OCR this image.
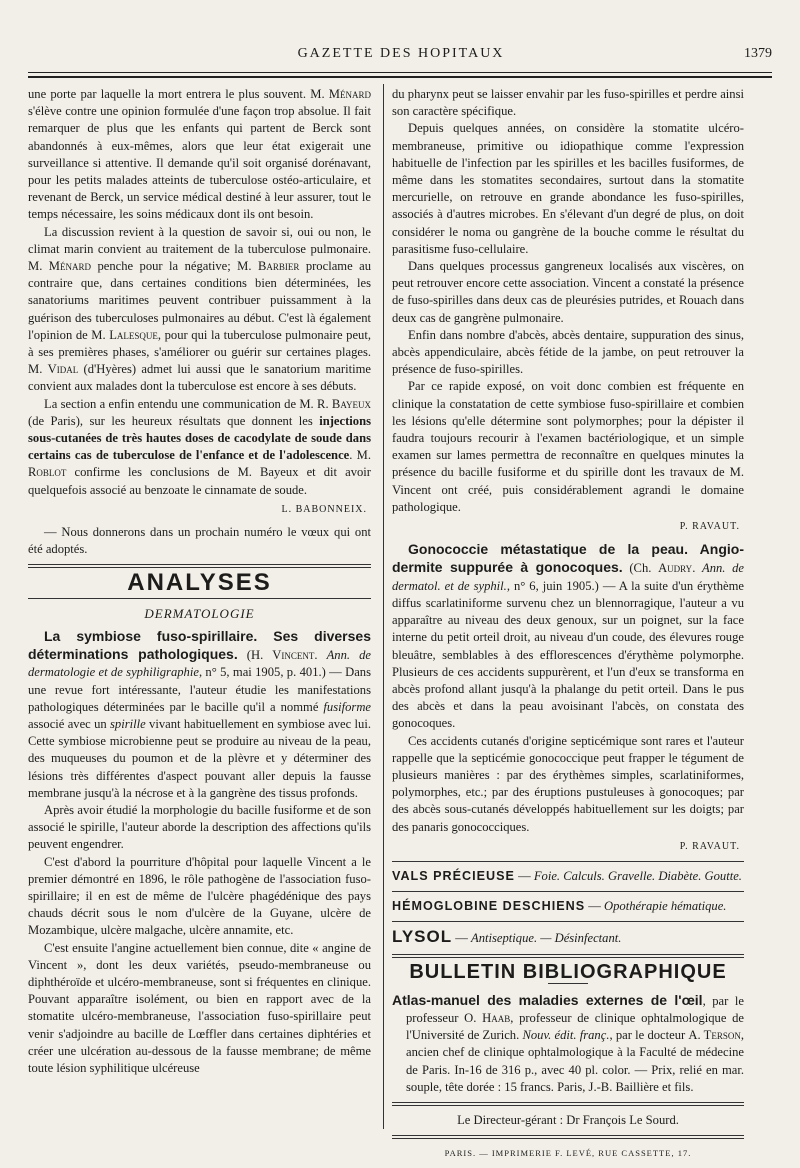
GAZETTE DES HOPITAUX	1379

une porte par laquelle la mort entrera le plus souvent. M. Ménard s'élève contre une opinion formulée d'une façon trop absolue. Il fait remarquer de plus que les enfants qui partent de Berck sont abandonnés à eux-mêmes, alors que leur état exigerait une surveillance si attentive. Il demande qu'il soit organisé dorénavant, pour les petits malades atteints de tuberculose ostéo-articulaire, et revenant de Berck, un service médical destiné à leur assurer, tout le temps nécessaire, les soins médicaux dont ils ont besoin.

La discussion revient à la question de savoir si, oui ou non, le climat marin convient au traitement de la tuberculose pulmonaire. M. Ménard penche pour la négative; M. Barbier proclame au contraire que, dans certaines conditions bien déterminées, les sanatoriums maritimes peuvent contribuer puissamment à la guérison des tuberculoses pulmonaires au début. C'est là également l'opinion de M. Lalesque, pour qui la tuberculose pulmonaire peut, à ses premières phases, s'améliorer ou guérir sur certaines plages. M. Vidal (d'Hyères) admet lui aussi que le sanatorium maritime convient aux malades dont la tuberculose est encore à ses débuts.

La section a enfin entendu une communication de M. R. Bayeux (de Paris), sur les heureux résultats que donnent les injections sous-cutanées de très hautes doses de cacodylate de soude dans certains cas de tuberculose de l'enfance et de l'adolescence. M. Roblot confirme les conclusions de M. Bayeux et dit avoir quelquefois associé au benzoate le cinnamate de soude.

L. BABONNEIX.

— Nous donnerons dans un prochain numéro le vœux qui ont été adoptés.

ANALYSES
DERMATOLOGIE

La symbiose fuso-spirillaire. Ses diverses déterminations pathologiques. (H. Vincent. Ann. de dermatologie et de syphiligraphie, n° 5, mai 1905, p. 401.) — Dans une revue fort intéressante, l'auteur étudie les manifestations pathologiques déterminées par le bacille qu'il a nommé fusiforme associé avec un spirille vivant habituellement en symbiose avec lui. Cette symbiose microbienne peut se produire au niveau de la peau, des muqueuses du poumon et de la plèvre et y déterminer des lésions très différentes d'aspect pouvant aller depuis la fausse membrane jusqu'à la nécrose et à la gangrène des tissus profonds.

Après avoir étudié la morphologie du bacille fusiforme et de son associé le spirille, l'auteur aborde la description des affections qu'ils peuvent engendrer.

C'est d'abord la pourriture d'hôpital pour laquelle Vincent a le premier démontré en 1896, le rôle pathogène de l'association fuso-spirillaire; il en est de même de l'ulcère phagédénique des pays chauds décrit sous le nom d'ulcère de la Guyane, ulcère de Mozambique, ulcère malgache, ulcère annamite, etc.

C'est ensuite l'angine actuellement bien connue, dite « angine de Vincent », dont les deux variétés, pseudo-membraneuse ou diphthéroïde et ulcéro-membraneuse, sont si fréquentes en clinique. Pouvant apparaître isolément, ou bien en rapport avec de la stomatite ulcéro-membraneuse, l'association fuso-spirillaire peut venir s'adjoindre au bacille de Lœffler dans certaines diphtéries et créer une ulcération au-dessous de la fausse membrane; de même toute lésion syphilitique ulcéreuse

du pharynx peut se laisser envahir par les fuso-spirilles et perdre ainsi son caractère spécifique.

Depuis quelques années, on considère la stomatite ulcéro-membraneuse, primitive ou idiopathique comme l'expression habituelle de l'infection par les spirilles et les bacilles fusiformes, de même dans les stomatites secondaires, surtout dans la stomatite mercurielle, on retrouve en grande abondance les fuso-spirilles, associés à d'autres microbes. En s'élevant d'un degré de plus, on doit considérer le noma ou gangrène de la bouche comme le résultat du parasitisme fuso-cellulaire.

Dans quelques processus gangreneux localisés aux viscères, on peut retrouver encore cette association. Vincent a constaté la présence de fuso-spirilles dans deux cas de pleurésies putrides, et Rouach dans deux cas de gangrène pulmonaire.

Enfin dans nombre d'abcès, abcès dentaire, suppuration des sinus, abcès appendiculaire, abcès fétide de la jambe, on peut retrouver la présence de fuso-spirilles.

Par ce rapide exposé, on voit donc combien est fréquente en clinique la constatation de cette symbiose fuso-spirillaire et combien les lésions qu'elle détermine sont polymorphes; pour la dépister il faudra toujours recourir à l'examen bactériologique, et un simple examen sur lames permettra de reconnaître en quelques minutes la présence du bacille fusiforme et du spirille dont les travaux de M. Vincent ont créé, puis considérablement agrandi le domaine pathologique.

P. RAVAUT.

Gonococcie métastatique de la peau. Angio-dermite suppurée à gonocoques. (Ch. Audry. Ann. de dermatol. et de syphil., n° 6, juin 1905.) — A la suite d'un érythème diffus scarlatiniforme survenu chez un blennorragique, l'auteur a vu apparaître au niveau des deux genoux, sur un poignet, sur la face interne du petit orteil droit, au niveau d'un coude, des élevures rouge bleuâtre, semblables à des efflorescences d'érythème polymorphe. Plusieurs de ces accidents suppurèrent, et l'un d'eux se transforma en abcès profond allant jusqu'à la phalange du petit orteil. Dans le pus des abcès et dans la peau avoisinant l'abcès, on constata des gonocoques.

Ces accidents cutanés d'origine septicémique sont rares et l'auteur rappelle que la septicémie gonococcique peut frapper le tégument de plusieurs manières : par des érythèmes simples, scarlatiniformes, polymorphes, etc.; par des éruptions pustuleuses à gonocoques; par des abcès sous-cutanés développés habituellement sur les doigts; par des panaris gonococciques.

P. RAVAUT.
VALS PRÉCIEUSE — Foie. Calculs. Gravelle. Diabète. Goutte.
HÉMOGLOBINE DESCHIENS — Opothérapie hématique.
LYSOL — Antiseptique. — Désinfectant.
BULLETIN BIBLIOGRAPHIQUE

Atlas-manuel des maladies externes de l'œil, par le professeur O. Haab, professeur de clinique ophtalmologique de l'Université de Zurich. Nouv. édit. franç., par le docteur A. Terson, ancien chef de clinique ophtalmologique à la Faculté de médecine de Paris. In-16 de 316 p., avec 40 pl. color. — Prix, relié en mar. souple, tête dorée : 15 francs. Paris, J.-B. Baillière et fils.

Le Directeur-gérant : Dr François Le Sourd.
PARIS. — IMPRIMERIE F. LEVÉ, RUE CASSETTE, 17.
